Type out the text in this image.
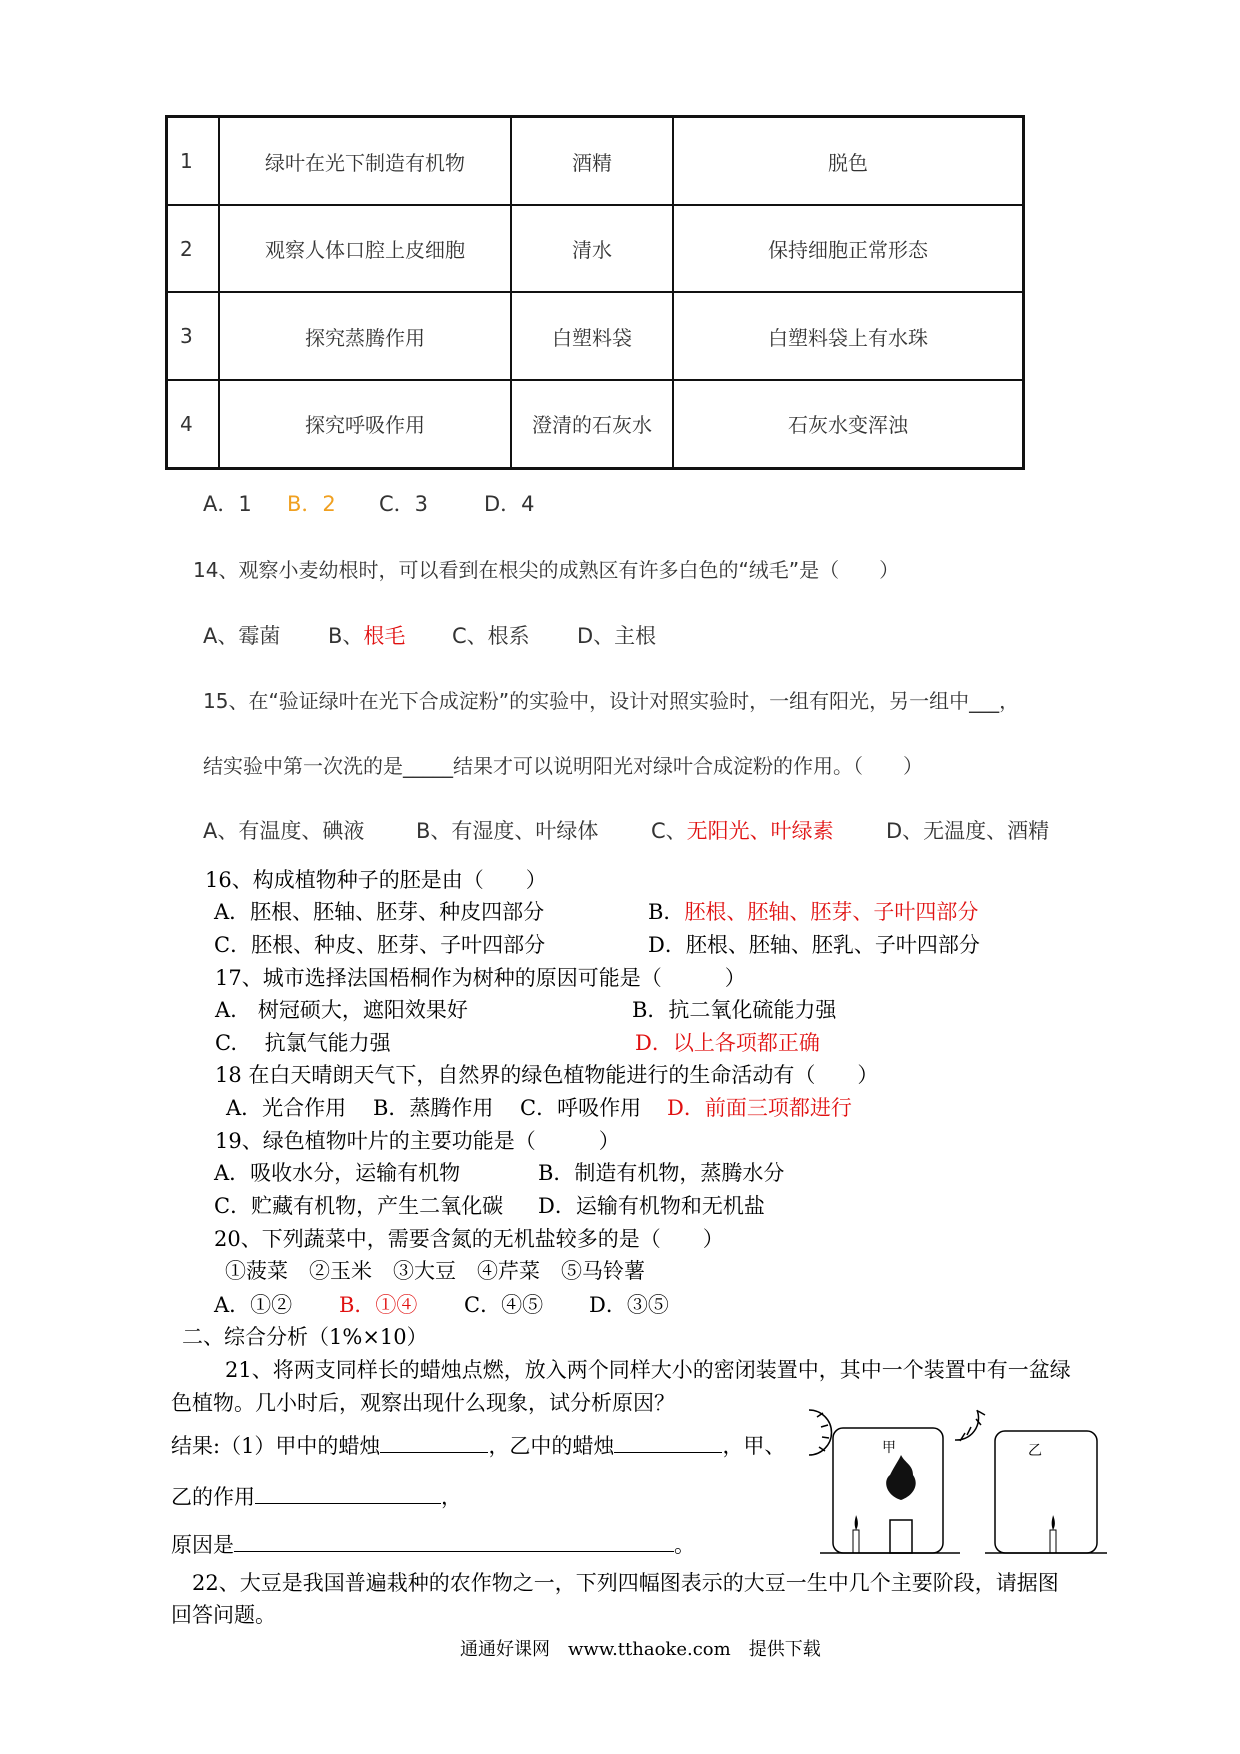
1	绿叶在光下制造有机物	酒精	脱色
2	观察人体口腔上皮细胞	清水	保持细胞正常形态
3	探究蒸腾作用	白塑料袋	白塑料袋上有水珠
4	探究呼吸作用	澄清的石灰水	石灰水变浑浊
A．1 B．2 C．3	D．4
14、观察小麦幼根时，可以看到在根尖的成熟区有许多白色的“绒毛”是（　　）
A、霉菌 B、根毛 C、根系 D、主根
15、在“验证绿叶在光下合成淀粉”的实验中，设计对照实验时，一组有阳光，另一组中___，
结实验中第一次洗的是_____结果才可以说明阳光对绿叶合成淀粉的作用。（　　）
A、有温度、碘液 B、有湿度、叶绿体	C、无阳光、叶绿素 D、无温度、酒精
16、构成植物种子的胚是由（　　）
A．胚根、胚轴、胚芽、种皮四部分	B．胚根、胚轴、胚芽、子叶四部分
C．胚根、种皮、胚芽、子叶四部分	D．胚根、胚轴、胚乳、子叶四部分
17、城市选择法国梧桐作为树种的原因可能是（　　　）
A.　树冠硕大，遮阳效果好	B．抗二氧化硫能力强
C.　 抗氯气能力强	D．以上各项都正确
18 在白天晴朗天气下，自然界的绿色植物能进行的生命活动有（　　）
A．光合作用 B．蒸腾作用 C．呼吸作用 D．前面三项都进行
19、绿色植物叶片的主要功能是（　　　）
A．吸收水分，运输有机物	B．制造有机物，蒸腾水分
C．贮藏有机物，产生二氧化碳 D．运输有机物和无机盐
20、下列蔬菜中，需要含氮的无机盐较多的是（　　）
①菠菜　②玉米　③大豆　④芹菜　⑤马铃薯
A．①② B．①④ C．④⑤ D．③⑤
二、综合分析（1%×10）
21、将两支同样长的蜡烛点燃，放入两个同样大小的密闭装置中，其中一个装置中有一盆绿
色植物。几小时后，观察出现什么现象，试分析原因？
结果:（1）甲中的蜡烛	，乙中的蜡烛	，甲、
乙的作用	，
原因是	。
甲	乙
22、大豆是我国普遍栽种的农作物之一，下列四幅图表示的大豆一生中几个主要阶段，请据图
回答问题。
通通好课网　www.tthaoke.com　提供下载
